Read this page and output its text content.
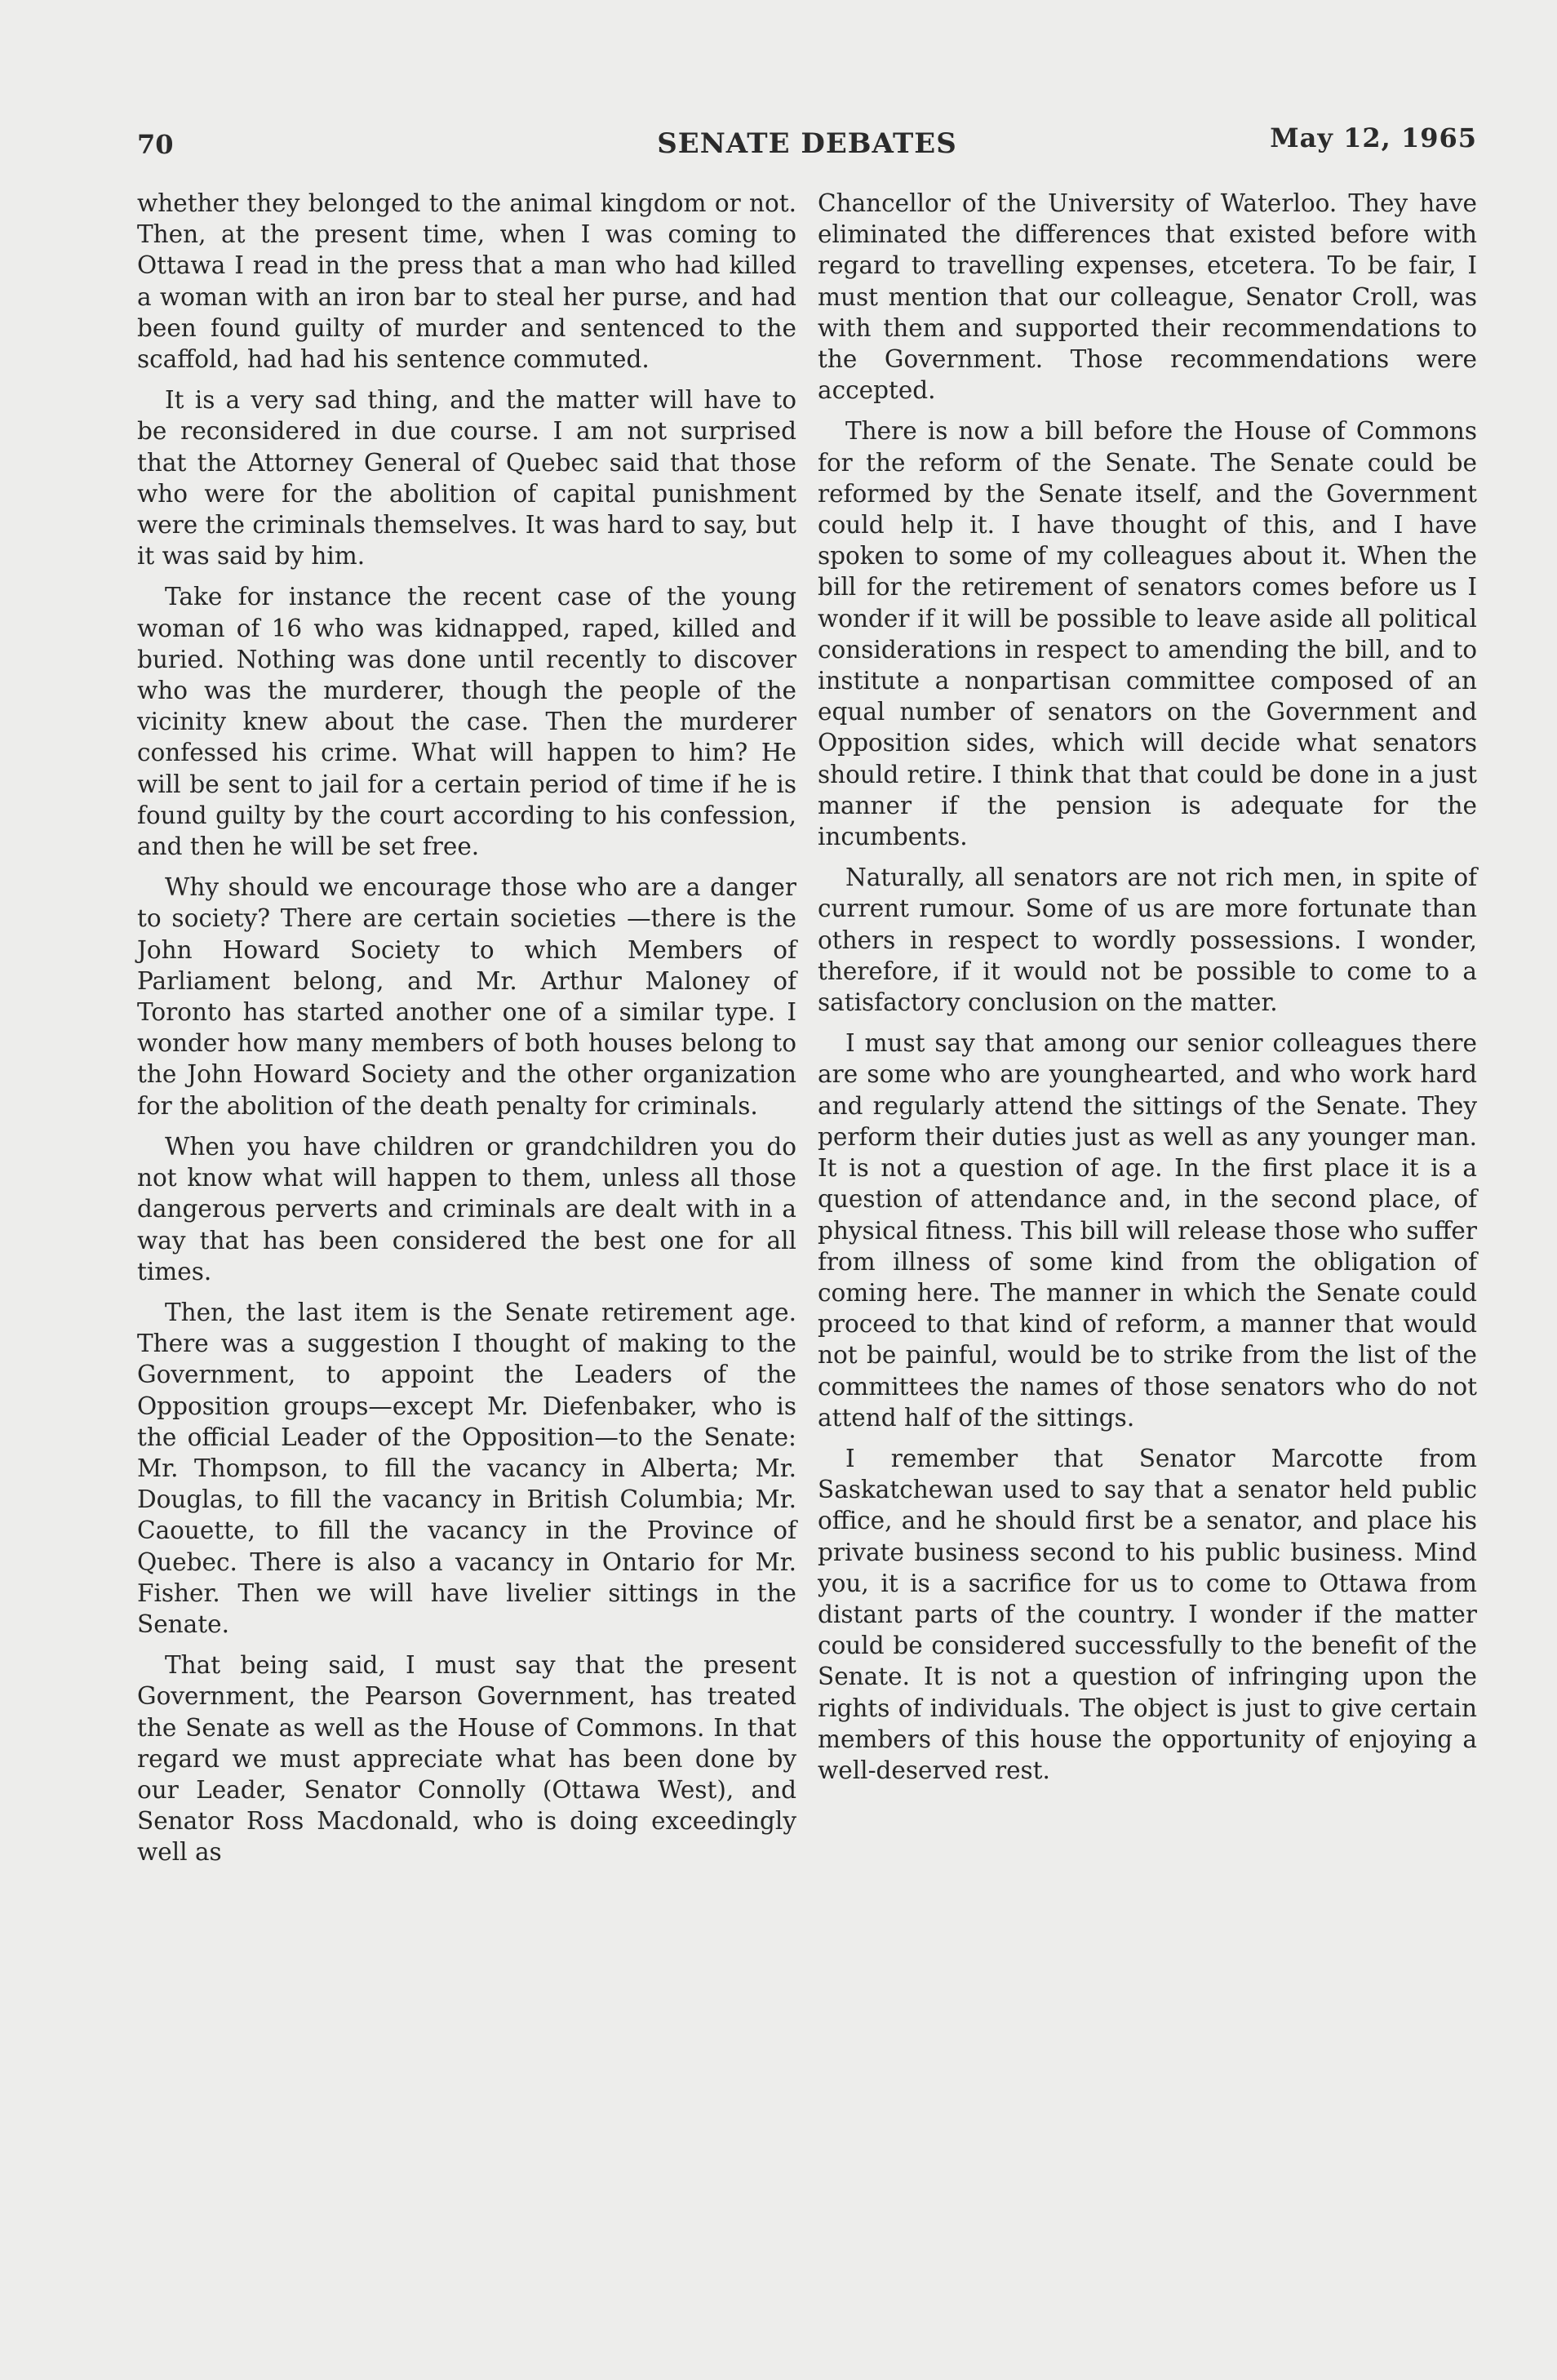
70	SENATE DEBATES	May 12, 1965

whether they belonged to the animal kingdom or not. Then, at the present time, when I was coming to Ottawa I read in the press that a man who had killed a woman with an iron bar to steal her purse, and had been found guilty of murder and sentenced to the scaffold, had had his sentence commuted.

It is a very sad thing, and the matter will have to be reconsidered in due course. I am not surprised that the Attorney General of Quebec said that those who were for the abolition of capital punishment were the criminals themselves. It was hard to say, but it was said by him.

Take for instance the recent case of the young woman of 16 who was kidnapped, raped, killed and buried. Nothing was done until recently to discover who was the murderer, though the people of the vicinity knew about the case. Then the murderer confessed his crime. What will happen to him? He will be sent to jail for a certain period of time if he is found guilty by the court according to his confession, and then he will be set free.

Why should we encourage those who are a danger to society? There are certain societies —there is the John Howard Society to which Members of Parliament belong, and Mr. Arthur Maloney of Toronto has started another one of a similar type. I wonder how many members of both houses belong to the John Howard Society and the other organization for the abolition of the death penalty for criminals.

When you have children or grandchildren you do not know what will happen to them, unless all those dangerous perverts and criminals are dealt with in a way that has been considered the best one for all times.

Then, the last item is the Senate retirement age. There was a suggestion I thought of making to the Government, to appoint the Leaders of the Opposition groups—except Mr. Diefenbaker, who is the official Leader of the Opposition—to the Senate: Mr. Thompson, to fill the vacancy in Alberta; Mr. Douglas, to fill the vacancy in British Columbia; Mr. Caouette, to fill the vacancy in the Province of Quebec. There is also a vacancy in Ontario for Mr. Fisher. Then we will have livelier sittings in the Senate.

That being said, I must say that the present Government, the Pearson Government, has treated the Senate as well as the House of Commons. In that regard we must appreciate what has been done by our Leader, Senator Connolly (Ottawa West), and Senator Ross Macdonald, who is doing exceedingly well as

Chancellor of the University of Waterloo. They have eliminated the differences that existed before with regard to travelling expenses, etcetera. To be fair, I must mention that our colleague, Senator Croll, was with them and supported their recommendations to the Government. Those recommendations were accepted.

There is now a bill before the House of Commons for the reform of the Senate. The Senate could be reformed by the Senate itself, and the Government could help it. I have thought of this, and I have spoken to some of my colleagues about it. When the bill for the retirement of senators comes before us I wonder if it will be possible to leave aside all political considerations in respect to amending the bill, and to institute a nonpartisan committee composed of an equal number of senators on the Government and Opposition sides, which will decide what senators should retire. I think that that could be done in a just manner if the pension is adequate for the incumbents.

Naturally, all senators are not rich men, in spite of current rumour. Some of us are more fortunate than others in respect to wordly possessions. I wonder, therefore, if it would not be possible to come to a satisfactory conclusion on the matter.

I must say that among our senior colleagues there are some who are younghearted, and who work hard and regularly attend the sittings of the Senate. They perform their duties just as well as any younger man. It is not a question of age. In the first place it is a question of attendance and, in the second place, of physical fitness. This bill will release those who suffer from illness of some kind from the obligation of coming here. The manner in which the Senate could proceed to that kind of reform, a manner that would not be painful, would be to strike from the list of the committees the names of those senators who do not attend half of the sittings.

I remember that Senator Marcotte from Saskatchewan used to say that a senator held public office, and he should first be a senator, and place his private business second to his public business. Mind you, it is a sacrifice for us to come to Ottawa from distant parts of the country. I wonder if the matter could be considered successfully to the benefit of the Senate. It is not a question of infringing upon the rights of individuals. The object is just to give certain members of this house the opportunity of enjoying a well-deserved rest.
